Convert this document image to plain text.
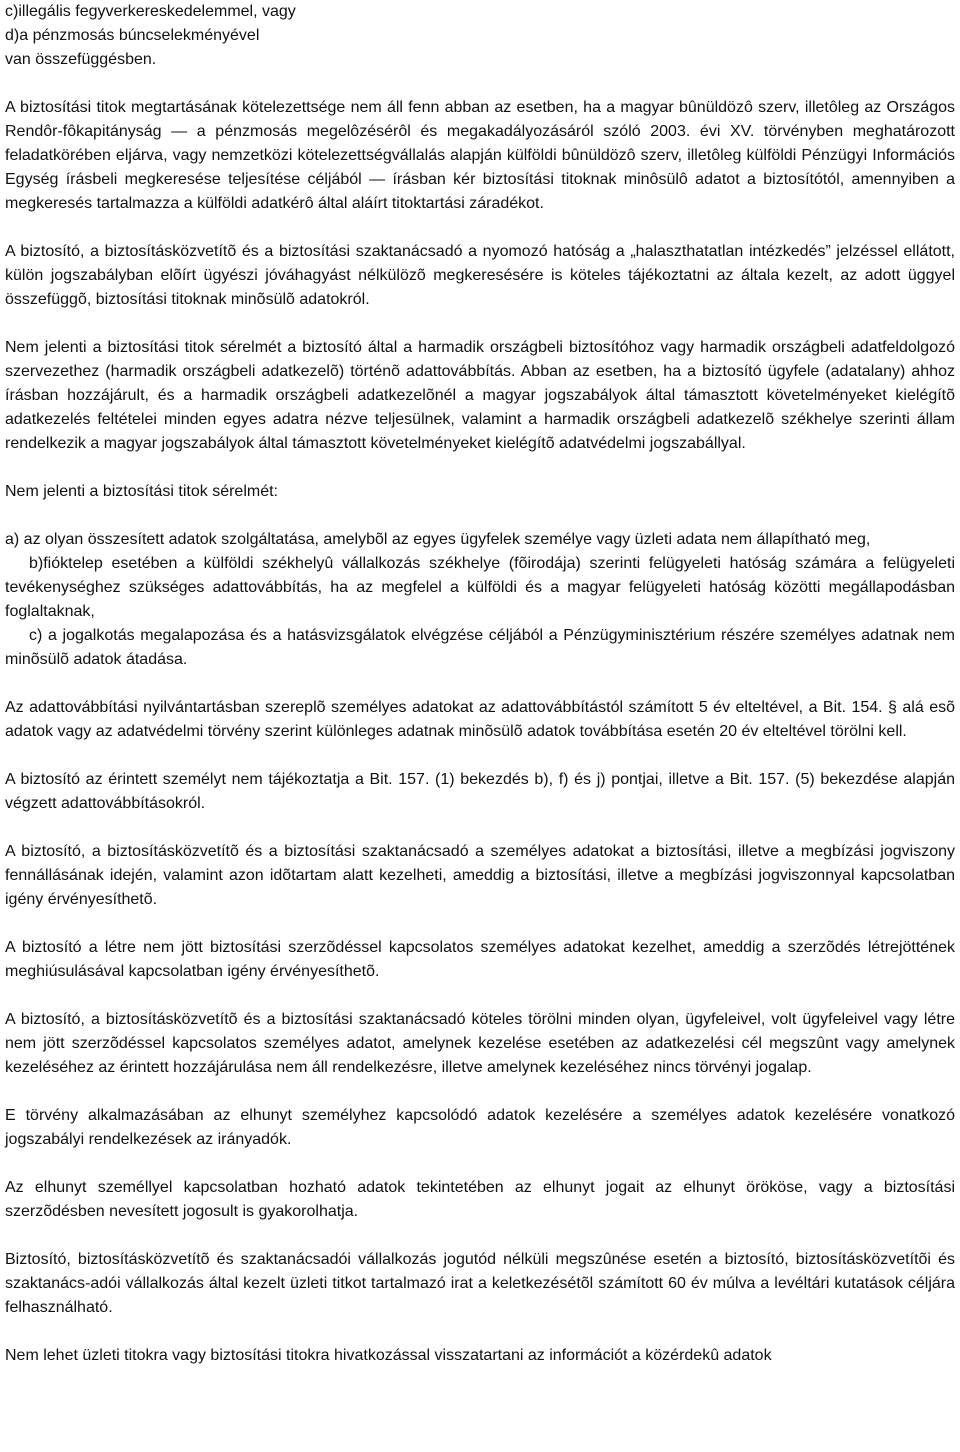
c)illegális fegyverkereskedelemmel, vagy

d)a pénzmosás búncselekményével

van összefüggésben.

A biztosítási titok megtartásának kötelezettsége nem áll fenn abban az esetben, ha a magyar bûnüldözô szerv, illetôleg az Országos Rendôr-fôkapitányság — a pénzmosás megelôzésérôl és megakadályozásáról szóló 2003. évi XV. törvényben meghatározott feladatkörében eljárva, vagy nemzetközi kötelezettségvállalás alapján külföldi bûnüldözô szerv, illetôleg külföldi Pénzügyi Információs Egység írásbeli megkeresése teljesítése céljából — írásban kér biztosítási titoknak minôsülô adatot a biztosítótól, amennyiben a megkeresés tartalmazza a külföldi adatkérô által aláírt titoktartási záradékot.

A biztosító, a biztosításközvetítõ és a biztosítási szaktanácsadó a nyomozó hatóság a „halaszthatatlan intézkedés” jelzéssel ellátott, külön jogszabályban elõírt ügyészi jóváhagyást nélkülözõ megkeresésére is köteles tájékoztatni az általa kezelt, az adott üggyel összefüggõ, biztosítási titoknak minõsülõ adatokról.

Nem jelenti a biztosítási titok sérelmét a biztosító által a harmadik országbeli biztosítóhoz vagy harmadik országbeli adatfeldolgozó szervezethez (harmadik országbeli adatkezelõ) történõ adattovábbítás. Abban az esetben, ha a biztosító ügyfele (adatalany) ahhoz írásban hozzájárult, és a harmadik országbeli adatkezelõnél a magyar jogszabályok által támasztott követelményeket kielégítõ adatkezelés feltételei minden egyes adatra nézve teljesülnek, valamint a harmadik országbeli adatkezelõ székhelye szerinti állam rendelkezik a magyar jogszabályok által támasztott követelményeket kielégítõ adatvédelmi jogszabállyal.

Nem jelenti a biztosítási titok sérelmét:

a) az olyan összesített adatok szolgáltatása, amelybõl az egyes ügyfelek személye vagy üzleti adata nem állapítható meg,

b)fióktelep esetében a külföldi székhelyû vállalkozás székhelye (fõirodája) szerinti felügyeleti hatóság számára a felügyeleti tevékenységhez szükséges adattovábbítás, ha az megfelel a külföldi és a magyar felügyeleti hatóság közötti megállapodásban foglaltaknak,

c) a jogalkotás megalapozása és a hatásvizsgálatok elvégzése céljából a Pénzügyminisztérium részére személyes adatnak nem minõsülõ adatok átadása.

Az adattovábbítási nyilvántartásban szereplõ személyes adatokat az adattovábbítástól számított 5 év elteltével, a Bit. 154. § alá esõ adatok vagy az adatvédelmi törvény szerint különleges adatnak minõsülõ adatok továbbítása esetén 20 év elteltével törölni kell.

A biztosító az érintett személyt nem tájékoztatja a Bit. 157. (1) bekezdés b), f) és j) pontjai, illetve a Bit. 157. (5) bekezdése alapján végzett adattovábbításokról.

A biztosító, a biztosításközvetítõ és a biztosítási szaktanácsadó a személyes adatokat a biztosítási, illetve a megbízási jogviszony fennállásának idején, valamint azon idõtartam alatt kezelheti, ameddig a biztosítási, illetve a megbízási jogviszonnyal kapcsolatban igény érvényesíthetõ.

A biztosító a létre nem jött biztosítási szerzõdéssel kapcsolatos személyes adatokat kezelhet, ameddig a szerzõdés létrejöttének meghiúsulásával kapcsolatban igény érvényesíthetõ.

A biztosító, a biztosításközvetítõ és a biztosítási szaktanácsadó köteles törölni minden olyan, ügyfeleivel, volt ügyfeleivel vagy létre nem jött szerzõdéssel kapcsolatos személyes adatot, amelynek kezelése esetében az adatkezelési cél megszûnt vagy amelynek kezeléséhez az érintett hozzájárulása nem áll rendelkezésre, illetve amelynek kezeléséhez nincs törvényi jogalap.

E törvény alkalmazásában az elhunyt személyhez kapcsolódó adatok kezelésére a személyes adatok kezelésére vonatkozó jogszabályi rendelkezések az irányadók.

Az elhunyt személlyel kapcsolatban hozható adatok tekintetében az elhunyt jogait az elhunyt örököse, vagy a biztosítási szerzõdésben nevesített jogosult is gyakorolhatja.

Biztosító, biztosításközvetítõ és szaktanácsadói vállalkozás jogutód nélküli megszûnése esetén a biztosító, biztosításközvetítõi és szaktanács-adói vállalkozás által kezelt üzleti titkot tartalmazó irat a keletkezésétõl számított 60 év múlva a levéltári kutatások céljára felhasználható.

Nem lehet üzleti titokra vagy biztosítási titokra hivatkozással visszatartani az információt a közérdekû adatok
